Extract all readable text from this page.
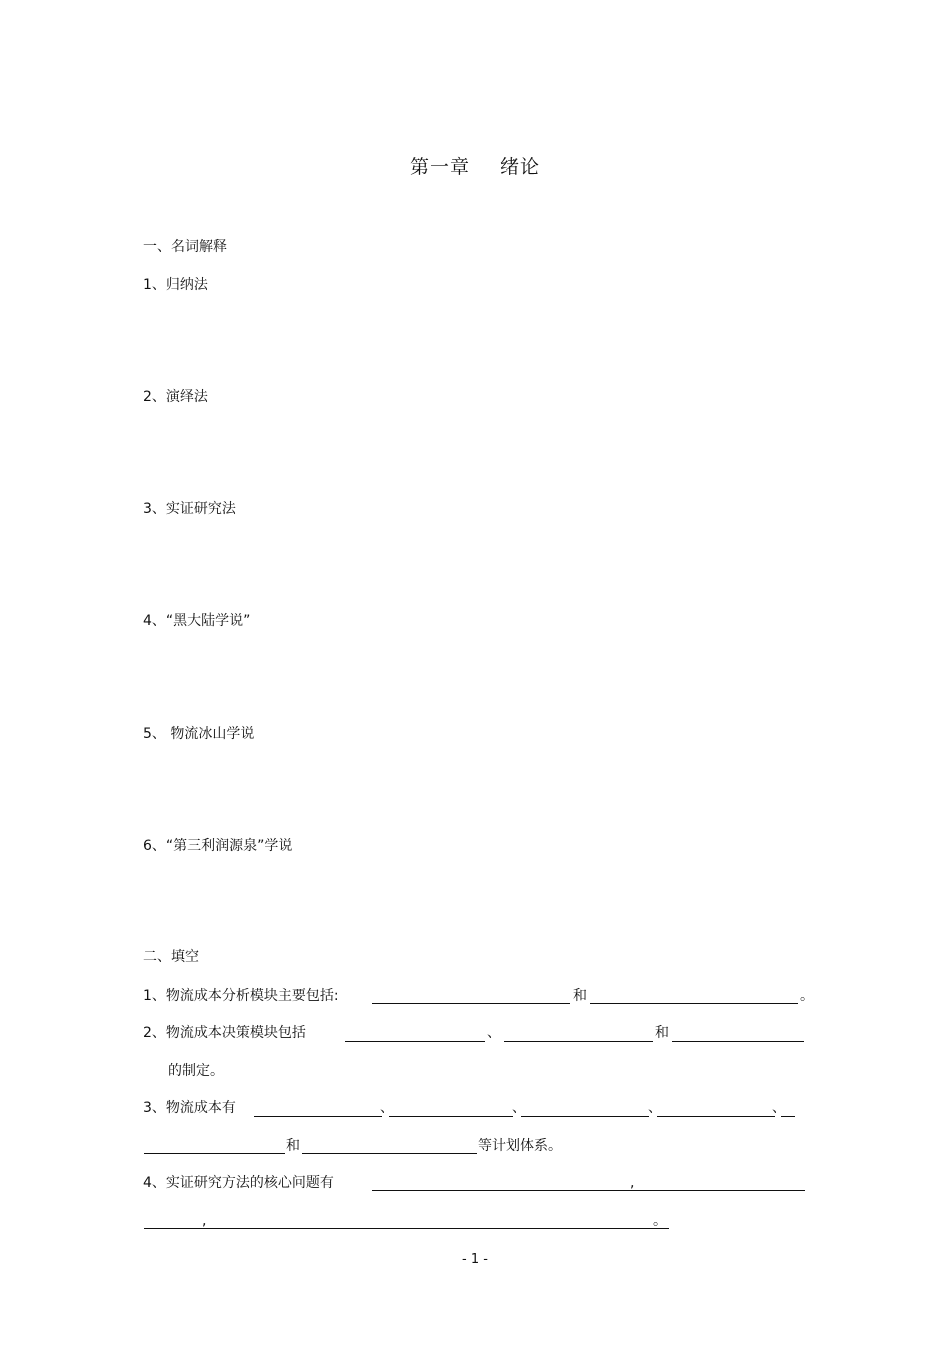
第一章 绪论
一、名词解释
1、归纳法
2、演绎法
3、实证研究法
4、“黑大陆学说”
5、 物流冰山学说
6、“第三利润源泉”学说
二、填空
1、物流成本分析模块主要包括:	和	。
2、物流成本决策模块包括	、	和
的制定。
3、物流成本有	、	、	、	、
和	等计划体系。
4、实证研究方法的核心问题有	,
,	。
- 1 -
